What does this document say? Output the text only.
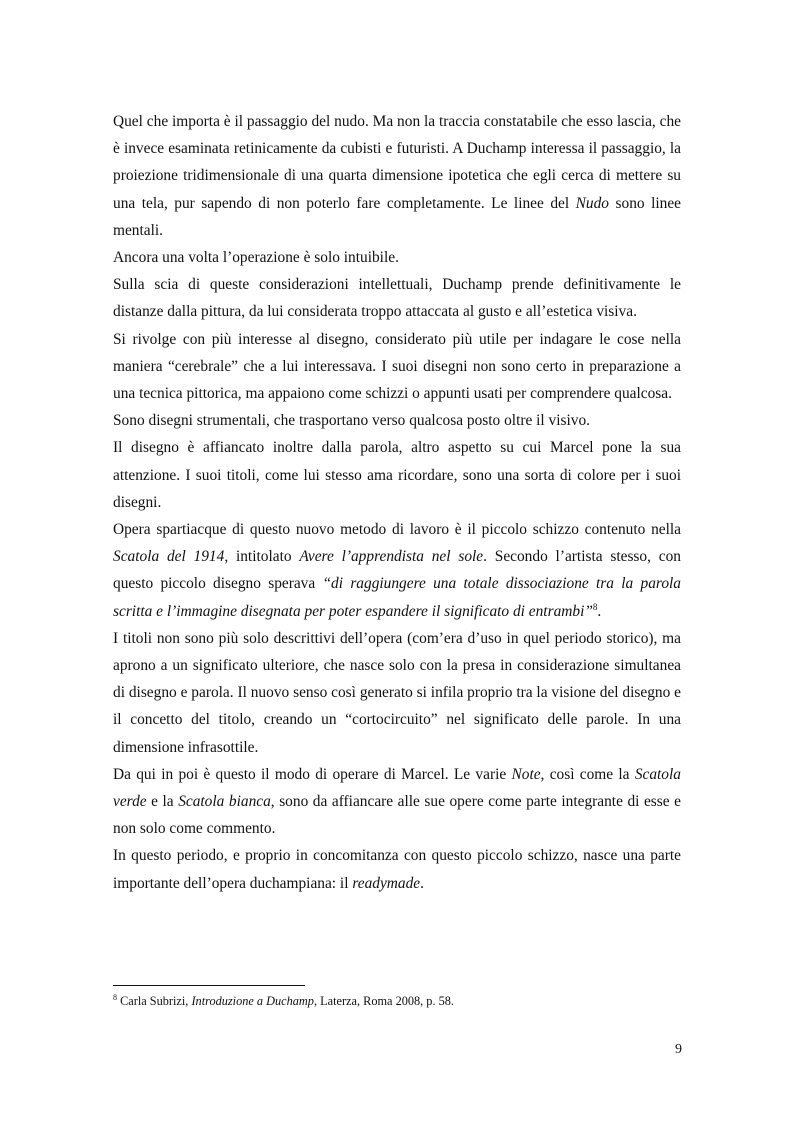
Quel che importa è il passaggio del nudo. Ma non la traccia constatabile che esso lascia, che è invece esaminata retinicamente da cubisti e futuristi. A Duchamp interessa il passaggio, la proiezione tridimensionale di una quarta dimensione ipotetica che egli cerca di mettere su una tela, pur sapendo di non poterlo fare completamente. Le linee del Nudo sono linee mentali.

Ancora una volta l’operazione è solo intuibile.

Sulla scia di queste considerazioni intellettuali, Duchamp prende definitivamente le distanze dalla pittura, da lui considerata troppo attaccata al gusto e all’estetica visiva.

Si rivolge con più interesse al disegno, considerato più utile per indagare le cose nella maniera “cerebrale” che a lui interessava. I suoi disegni non sono certo in preparazione a una tecnica pittorica, ma appaiono come schizzi o appunti usati per comprendere qualcosa.

Sono disegni strumentali, che trasportano verso qualcosa posto oltre il visivo.

Il disegno è affiancato inoltre dalla parola, altro aspetto su cui Marcel pone la sua attenzione. I suoi titoli, come lui stesso ama ricordare, sono una sorta di colore per i suoi disegni.

Opera spartiacque di questo nuovo metodo di lavoro è il piccolo schizzo contenuto nella Scatola del 1914, intitolato Avere l’apprendista nel sole. Secondo l’artista stesso, con questo piccolo disegno sperava “di raggiungere una totale dissociazione tra la parola scritta e l’immagine disegnata per poter espandere il significato di entrambi”$^8$.

I titoli non sono più solo descrittivi dell’opera (com’era d’uso in quel periodo storico), ma aprono a un significato ulteriore, che nasce solo con la presa in considerazione simultanea di disegno e parola. Il nuovo senso così generato si infila proprio tra la visione del disegno e il concetto del titolo, creando un “cortocircuito” nel significato delle parole. In una dimensione infrasottile.

Da qui in poi è questo il modo di operare di Marcel. Le varie Note, così come la Scatola verde e la Scatola bianca, sono da affiancare alle sue opere come parte integrante di esse e non solo come commento.

In questo periodo, e proprio in concomitanza con questo piccolo schizzo, nasce una parte importante dell’opera duchampiana: il readymade.

$^8$ Carla Subrizi, Introduzione a Duchamp, Laterza, Roma 2008, p. 58.
9
